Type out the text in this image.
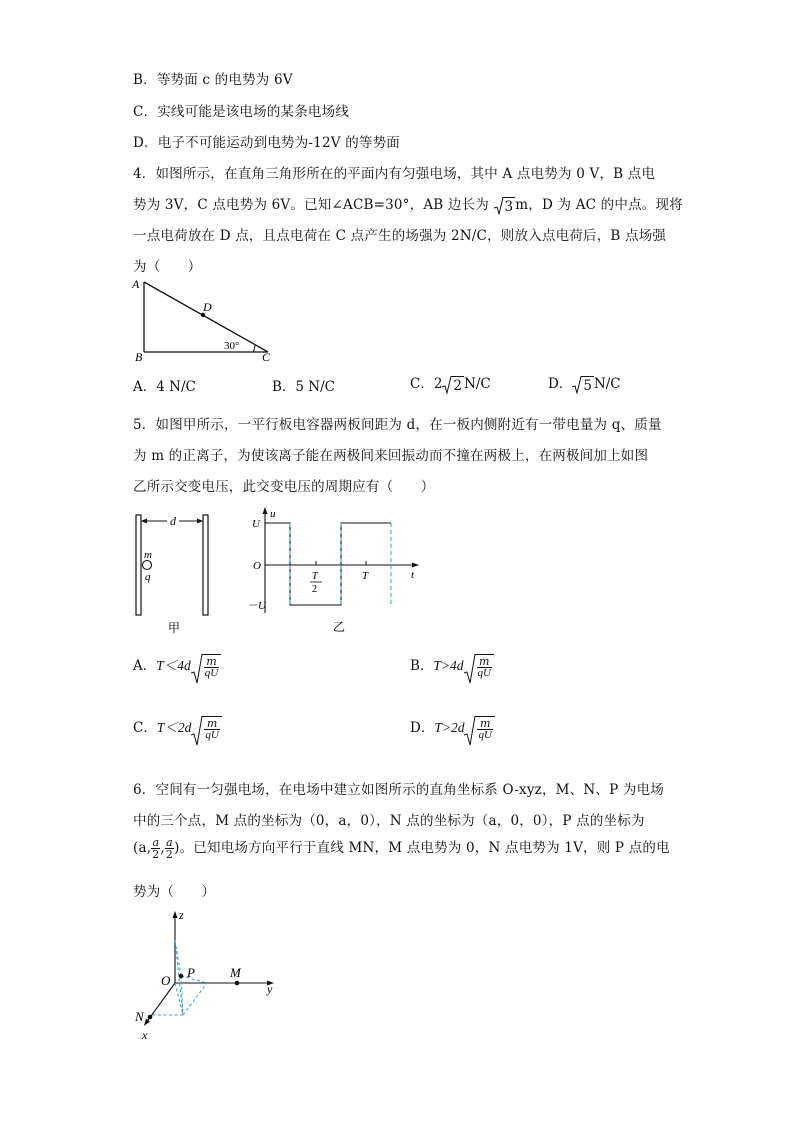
B．等势面 c 的电势为 6V
C．实线可能是该电场的某条电场线
D．电子不可能运动到电势为-12V 的等势面
4．如图所示，在直角三角形所在的平面内有匀强电场，其中 A 点电势为 0 V，B 点电
势为 3V，C 点电势为 6V。已知∠ACB=30°，AB 边长为 3 m，D 为 AC 的中点。现将
一点电荷放在 D 点，且点电荷在 C 点产生的场强为 2N/C，则放入点电荷后，B 点场强
为（　　）
A
B	C
D
30°
A．4 N/C	B．5 N/C	C．2 2 N/C	D． 5 N/C
5．如图甲所示，一平行板电容器两板间距为 d，在一板内侧附近有一带电量为 q、质量
为 m 的正离子，为使该离子能在两极间来回振动而不撞在两极上，在两极间加上如图
乙所示交变电压，此交变电压的周期应有（　　）
d
m
q
甲
u
U
－U
O
t
T
2
T
乙
A．$T<4d \frac{m}{qU}$	B．$T>4d \frac{m}{qU}$
C．$T<2d \frac{m}{qU}$	D．$T>2d \frac{m}{qU}$
6．空间有一匀强电场，在电场中建立如图所示的直角坐标系 O-xyz，M、N、P 为电场
中的三个点，M 点的坐标为（0，a，0），N 点的坐标为（a，0，0），P 点的坐标为
(a, $\frac{a}{2}$ , $\frac{a}{2}$ )。已知电场方向平行于直线 MN，M 点电势为 0，N 点电势为 1V，则 P 点的电
势为（　　）
z
y
x
O
P	M
N
